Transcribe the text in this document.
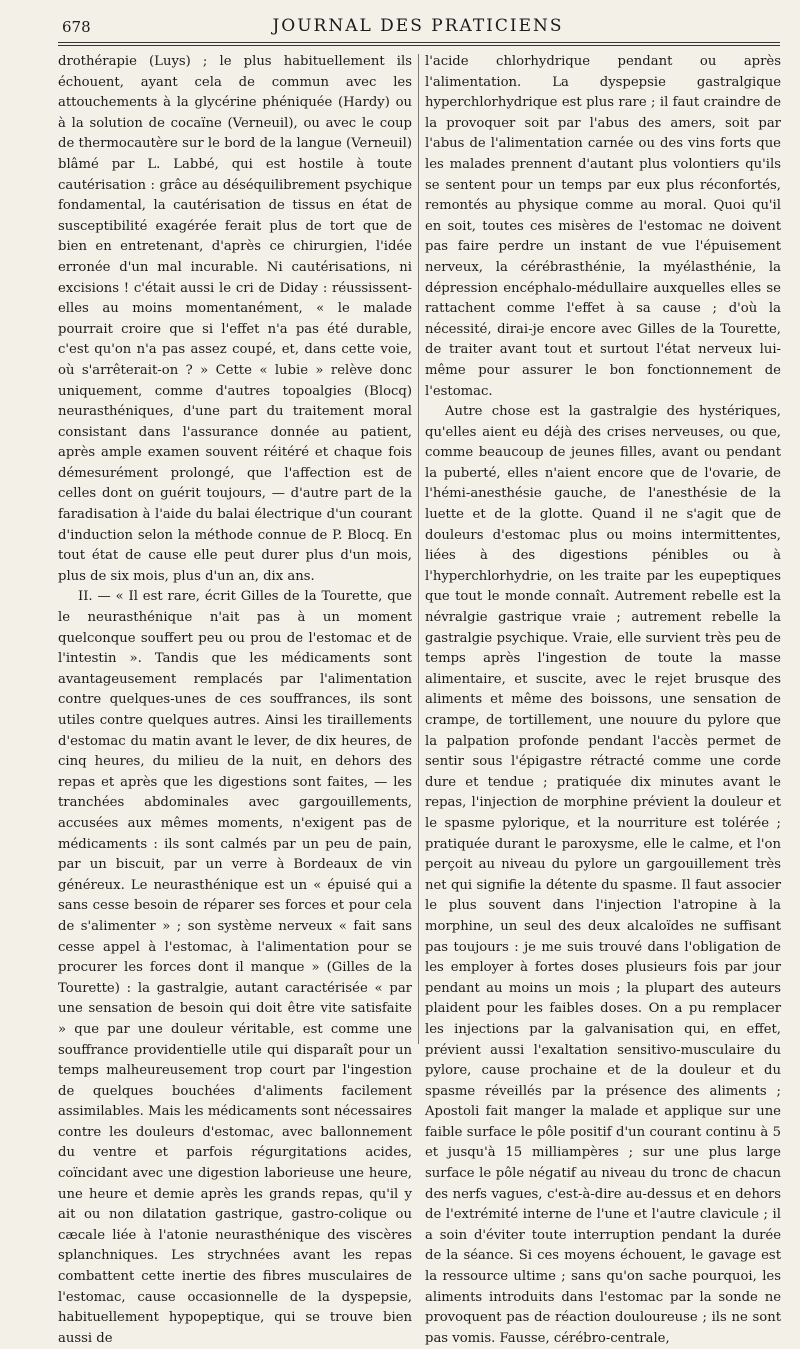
678	JOURNAL DES PRATICIENS

drothérapie (Luys) ; le plus habituellement ils échouent, ayant cela de commun avec les attouchements à la glycérine phéniquée (Hardy) ou à la solution de cocaïne (Verneuil), ou avec le coup de thermocautère sur le bord de la langue (Verneuil) blâmé par L. Labbé, qui est hostile à toute cautérisation : grâce au déséquilibrement psychique fondamental, la cautérisation de tissus en état de susceptibilité exagérée ferait plus de tort que de bien en entretenant, d'après ce chirurgien, l'idée erronée d'un mal incurable. Ni cautérisations, ni excisions ! c'était aussi le cri de Diday : réussissent-elles au moins momentanément, « le malade pourrait croire que si l'effet n'a pas été durable, c'est qu'on n'a pas assez coupé, et, dans cette voie, où s'arrêterait-on ? » Cette « lubie » relève donc uniquement, comme d'autres topoalgies (Blocq) neurasthéniques, d'une part du traitement moral consistant dans l'assurance donnée au patient, après ample examen souvent réitéré et chaque fois démesurément prolongé, que l'affection est de celles dont on guérit toujours, — d'autre part de la faradisation à l'aide du balai électrique d'un courant d'induction selon la méthode connue de P. Blocq. En tout état de cause elle peut durer plus d'un mois, plus de six mois, plus d'un an, dix ans.

II. — « Il est rare, écrit Gilles de la Tourette, que le neurasthénique n'ait pas à un moment quelconque souffert peu ou prou de l'estomac et de l'intestin ». Tandis que les médicaments sont avantageusement remplacés par l'alimentation contre quelques-unes de ces souffrances, ils sont utiles contre quelques autres. Ainsi les tiraillements d'estomac du matin avant le lever, de dix heures, de cinq heures, du milieu de la nuit, en dehors des repas et après que les digestions sont faites, — les tranchées abdominales avec gargouillements, accusées aux mêmes moments, n'exigent pas de médicaments : ils sont calmés par un peu de pain, par un biscuit, par un verre à Bordeaux de vin généreux. Le neurasthénique est un « épuisé qui a sans cesse besoin de réparer ses forces et pour cela de s'alimenter » ; son système nerveux « fait sans cesse appel à l'estomac, à l'alimentation pour se procurer les forces dont il manque » (Gilles de la Tourette) : la gastralgie, autant caractérisée « par une sensation de besoin qui doit être vite satisfaite » que par une douleur véritable, est comme une souffrance providentielle utile qui disparaît pour un temps malheureusement trop court par l'ingestion de quelques bouchées d'aliments facilement assimilables. Mais les médicaments sont nécessaires contre les douleurs d'estomac, avec ballonnement du ventre et parfois régurgitations acides, coïncidant avec une digestion laborieuse une heure, une heure et demie après les grands repas, qu'il y ait ou non dilatation gastrique, gastro-colique ou cæcale liée à l'atonie neurasthénique des viscères splanchniques. Les strychnées avant les repas combattent cette inertie des fibres musculaires de l'estomac, cause occasionnelle de la dyspepsie, habituellement hypopeptique, qui se trouve bien aussi de

l'acide chlorhydrique pendant ou après l'alimentation. La dyspepsie gastralgique hyperchlorhydrique est plus rare ; il faut craindre de la provoquer soit par l'abus des amers, soit par l'abus de l'alimentation carnée ou des vins forts que les malades prennent d'autant plus volontiers qu'ils se sentent pour un temps par eux plus réconfortés, remontés au physique comme au moral. Quoi qu'il en soit, toutes ces misères de l'estomac ne doivent pas faire perdre un instant de vue l'épuisement nerveux, la cérébrasthénie, la myélasthénie, la dépression encéphalo-médullaire auxquelles elles se rattachent comme l'effet à sa cause ; d'où la nécessité, dirai-je encore avec Gilles de la Tourette, de traiter avant tout et surtout l'état nerveux lui-même pour assurer le bon fonctionnement de l'estomac.

Autre chose est la gastralgie des hystériques, qu'elles aient eu déjà des crises nerveuses, ou que, comme beaucoup de jeunes filles, avant ou pendant la puberté, elles n'aient encore que de l'ovarie, de l'hémi-anesthésie gauche, de l'anesthésie de la luette et de la glotte. Quand il ne s'agit que de douleurs d'estomac plus ou moins intermittentes, liées à des digestions pénibles ou à l'hyperchlorhydrie, on les traite par les eupeptiques que tout le monde connaît. Autrement rebelle est la névralgie gastrique vraie ; autrement rebelle la gastralgie psychique. Vraie, elle survient très peu de temps après l'ingestion de toute la masse alimentaire, et suscite, avec le rejet brusque des aliments et même des boissons, une sensation de crampe, de tortillement, une nouure du pylore que la palpation profonde pendant l'accès permet de sentir sous l'épigastre rétracté comme une corde dure et tendue ; pratiquée dix minutes avant le repas, l'injection de morphine prévient la douleur et le spasme pylorique, et la nourriture est tolérée ; pratiquée durant le paroxysme, elle le calme, et l'on perçoit au niveau du pylore un gargouillement très net qui signifie la détente du spasme. Il faut associer le plus souvent dans l'injection l'atropine à la morphine, un seul des deux alcaloïdes ne suffisant pas toujours : je me suis trouvé dans l'obligation de les employer à fortes doses plusieurs fois par jour pendant au moins un mois ; la plupart des auteurs plaident pour les faibles doses. On a pu remplacer les injections par la galvanisation qui, en effet, prévient aussi l'exaltation sensitivo-musculaire du pylore, cause prochaine et de la douleur et du spasme réveillés par la présence des aliments ; Apostoli fait manger la malade et applique sur une faible surface le pôle positif d'un courant continu à 5 et jusqu'à 15 milliampères ; sur une plus large surface le pôle négatif au niveau du tronc de chacun des nerfs vagues, c'est-à-dire au-dessus et en dehors de l'extrémité interne de l'une et l'autre clavicule ; il a soin d'éviter toute interruption pendant la durée de la séance. Si ces moyens échouent, le gavage est la ressource ultime ; sans qu'on sache pourquoi, les aliments introduits dans l'estomac par la sonde ne provoquent pas de réaction douloureuse ; ils ne sont pas vomis. Fausse, cérébro-centrale,
